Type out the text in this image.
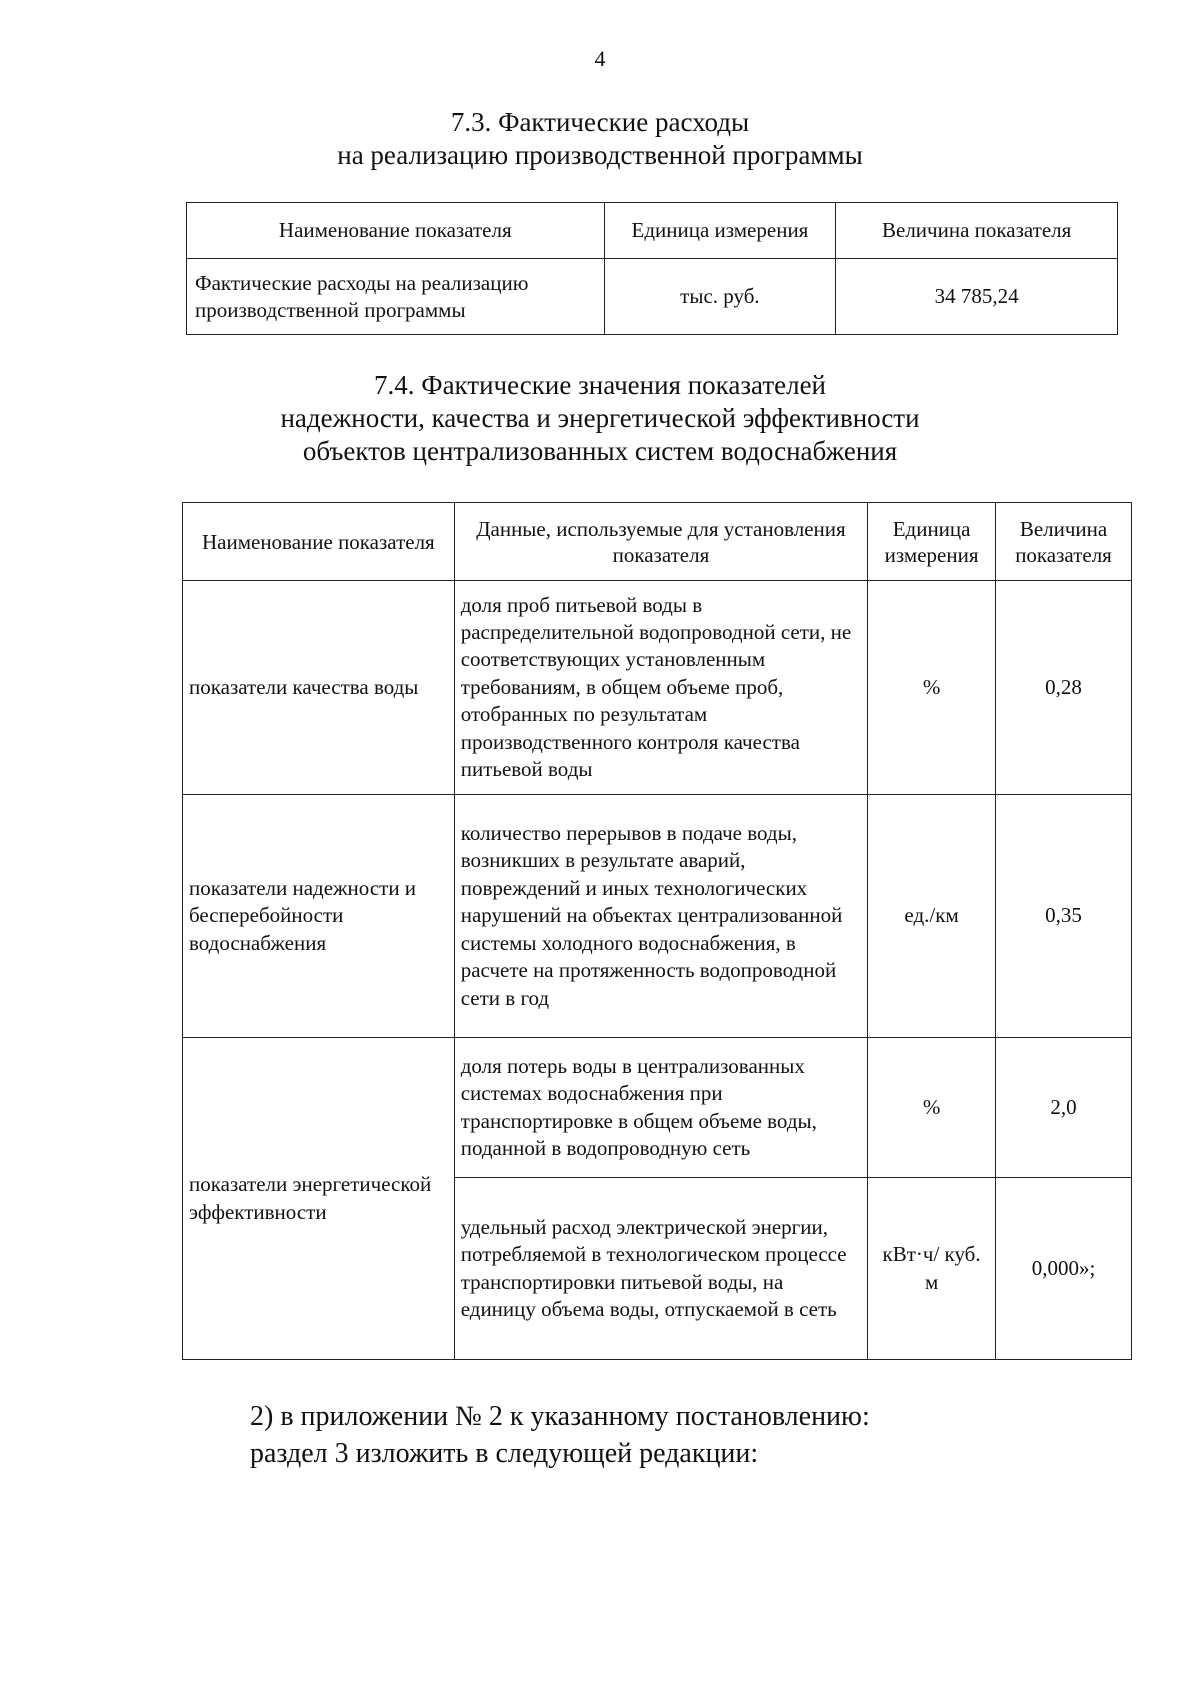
4
7.3. Фактические расходы
на реализацию производственной программы
Наименование показателя	Единица измерения	Величина показателя
Фактические расходы на реализацию производственной программы	тыс. руб.	34 785,24
7.4. Фактические значения показателей
надежности, качества и энергетической эффективности
объектов централизованных систем водоснабжения
Наименование показателя	Данные, используемые для установления показателя	Единица измерения	Величина показателя
показатели качества воды	доля проб питьевой воды в распределительной водопроводной сети, не соответствующих установленным требованиям, в общем объеме проб, отобранных по результатам производственного контроля качества питьевой воды	%	0,28
показатели надежности и бесперебойности водоснабжения	количество перерывов в подаче воды, возникших в результате аварий, повреждений и иных технологических нарушений на объектах централизованной системы холодного водоснабжения, в расчете на протяженность водопроводной сети в год	ед./км	0,35
показатели энергетической эффективности	доля потерь воды в централизованных системах водоснабжения при транспортировке в общем объеме воды, поданной в водопроводную сеть	%	2,0
	удельный расход электрической энергии, потребляемой в технологическом процессе транспортировки питьевой воды, на единицу объема воды, отпускаемой в сеть	кВт·ч/ куб. м	0,000»;
2) в приложении № 2 к указанному постановлению:
раздел 3 изложить в следующей редакции:
